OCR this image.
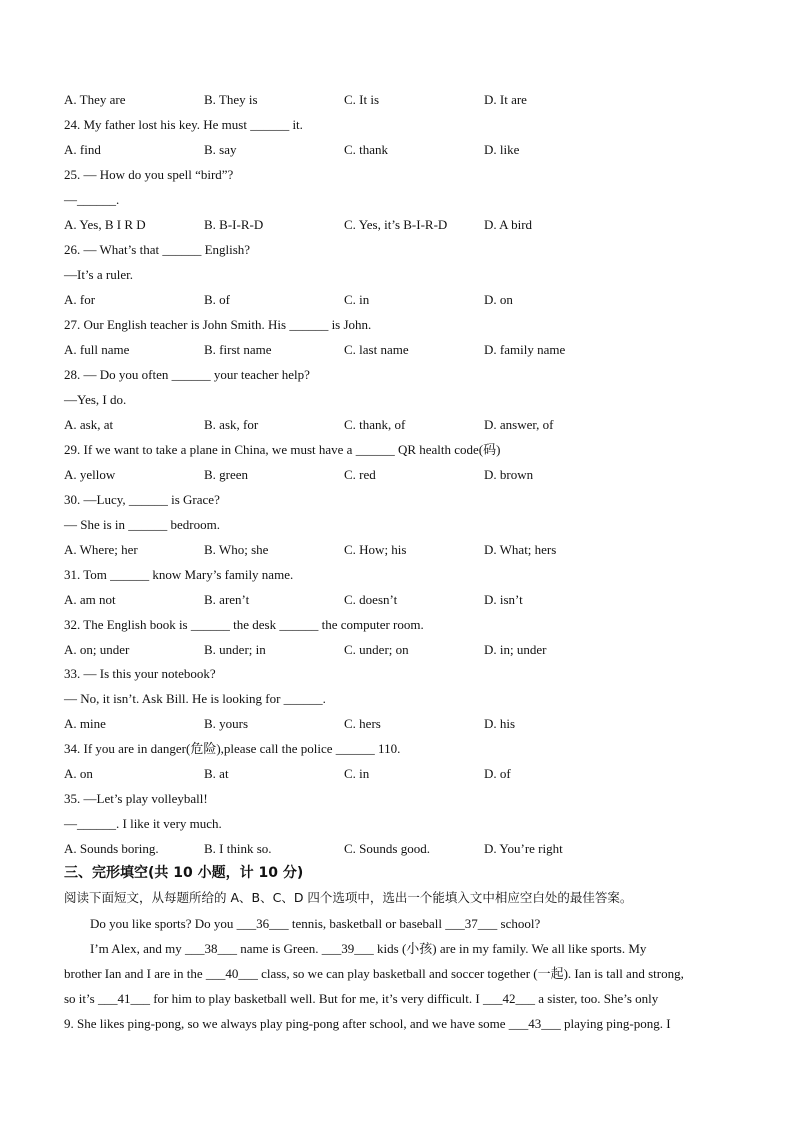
A. They are	B. They is	C. It is	D. It are
24. My father lost his key. He must ______ it.
A. find	B. say	C. thank	D. like
25. — How do you spell “bird”?
—______.
A. Yes, B I R D	B. B-I-R-D	C. Yes, it’s B-I-R-D	D. A bird
26. — What’s that ______ English?
—It’s a ruler.
A. for	B. of	C. in	D. on
27. Our English teacher is John Smith. His ______ is John.
A. full name	B. first name	C. last name	D. family name
28. — Do you often ______ your teacher help?
—Yes, I do.
A. ask, at	B. ask, for	C. thank, of	D. answer, of
29. If we want to take a plane in China, we must have a ______ QR health code(码)
A. yellow	B. green	C. red	D. brown
30. —Lucy, ______ is Grace?
— She is in ______ bedroom.
A. Where; her	B. Who; she	C. How; his	D. What; hers
31. Tom ______ know Mary’s family name.
A. am not	B. aren’t	C. doesn’t	D. isn’t
32. The English book is ______ the desk ______ the computer room.
A. on; under	B. under; in	C. under; on	D. in; under
33. — Is this your notebook?
— No, it isn’t. Ask Bill. He is looking for ______.
A. mine	B. yours	C. hers	D. his
34. If you are in danger(危险),please call the police ______ 110.
A. on	B. at	C. in	D. of
35. —Let’s play volleyball!
—______. I like it very much.
A. Sounds boring.	B. I think so.	C. Sounds good.	D. You’re right
三、完形填空(共 10 小题，计 10 分)
阅读下面短文，从每题所给的 A、B、C、D 四个选项中，选出一个能填入文中相应空白处的最佳答案。
Do you like sports? Do you ___36___ tennis, basketball or baseball ___37___ school?
I’m Alex, and my ___38___ name is Green. ___39___ kids (小孩) are in my family. We all like sports. My
brother Ian and I are in the ___40___ class, so we can play basketball and soccer together (一起). Ian is tall and strong,
so it’s ___41___ for him to play basketball well. But for me, it’s very difficult. I ___42___ a sister, too. She’s only
9. She likes ping-pong, so we always play ping-pong after school, and we have some ___43___ playing ping-pong. I
